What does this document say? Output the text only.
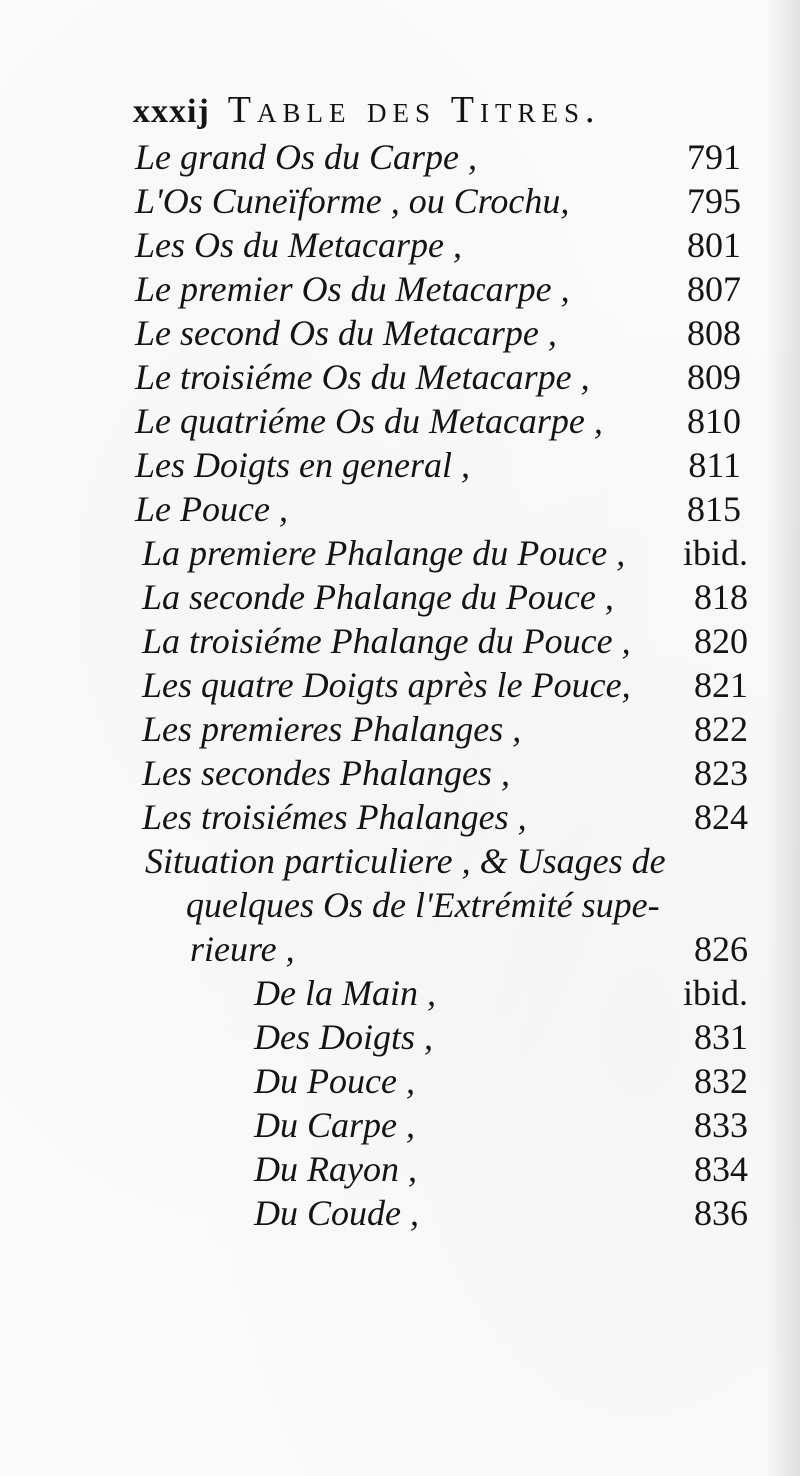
xxxij Table des Titres.
Le grand Os du Carpe ,	791
L'Os Cuneïforme , ou Crochu,	795
Les Os du Metacarpe ,	801
Le premier Os du Metacarpe ,	807
Le second Os du Metacarpe ,	808
Le troisiéme Os du Metacarpe ,	809
Le quatriéme Os du Metacarpe , 810
Les Doigts en general ,	811
Le Pouce ,	815
La premiere Phalange du Pouce , ibid.
La seconde Phalange du Pouce , 818
La troisiéme Phalange du Pouce , 820
Les quatre Doigts après le Pouce, 821
Les premieres Phalanges ,	822
Les secondes Phalanges ,	823
Les troisiémes Phalanges ,	824
Situation particuliere , & Usages de
quelques Os de l'Extrémité supe-
rieure ,	826
De la Main ,	ibid.
Des Doigts ,	831
Du Pouce ,	832
Du Carpe ,	833
Du Rayon ,	834
Du Coude ,	836
